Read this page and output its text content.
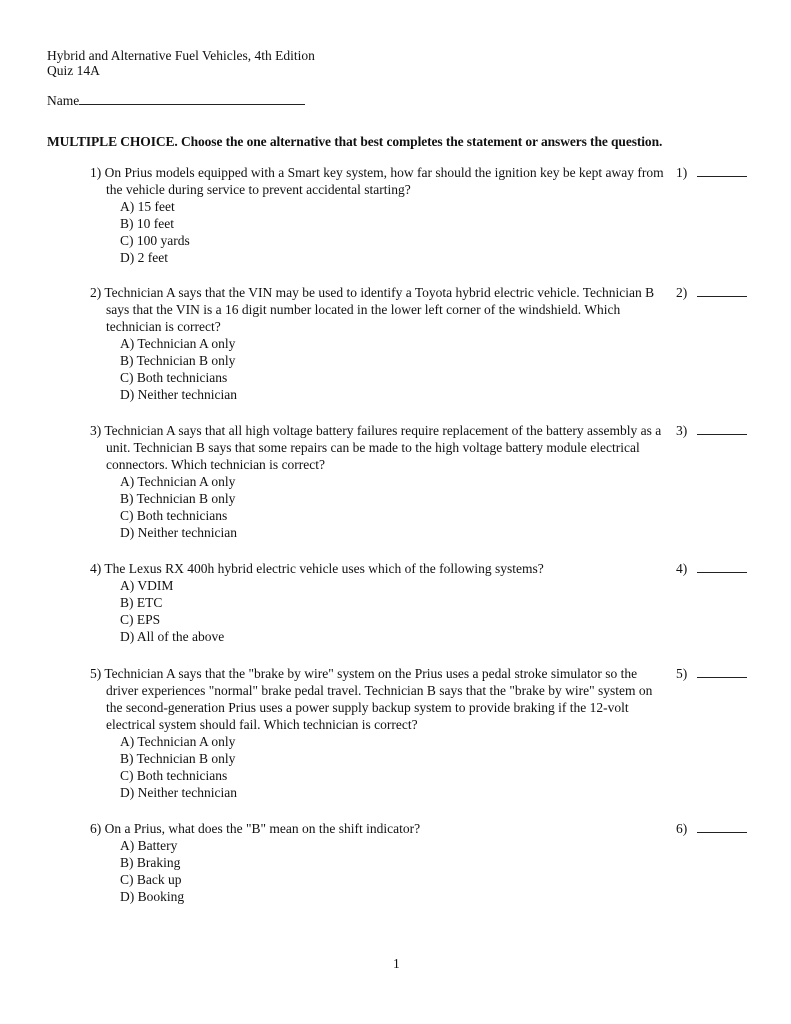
Hybrid and Alternative Fuel Vehicles, 4th Edition
Quiz 14A
Name
MULTIPLE CHOICE. Choose the one alternative that best completes the statement or answers the question.
1) On Prius models equipped with a Smart key system, how far should the ignition key be kept away from the vehicle during service to prevent accidental starting?
A) 15 feet
B) 10 feet
C) 100 yards
D) 2 feet
1)
2) Technician A says that the VIN may be used to identify a Toyota hybrid electric vehicle. Technician B says that the VIN is a 16 digit number located in the lower left corner of the windshield. Which technician is correct?
A) Technician A only
B) Technician B only
C) Both technicians
D) Neither technician
2)
3) Technician A says that all high voltage battery failures require replacement of the battery assembly as a unit. Technician B says that some repairs can be made to the high voltage battery module electrical connectors. Which technician is correct?
A) Technician A only
B) Technician B only
C) Both technicians
D) Neither technician
3)
4) The Lexus RX 400h hybrid electric vehicle uses which of the following systems?
A) VDIM
B) ETC
C) EPS
D) All of the above
4)
5) Technician A says that the "brake by wire" system on the Prius uses a pedal stroke simulator so the driver experiences "normal" brake pedal travel. Technician B says that the "brake by wire" system on the second-generation Prius uses a power supply backup system to provide braking if the 12-volt electrical system should fail. Which technician is correct?
A) Technician A only
B) Technician B only
C) Both technicians
D) Neither technician
5)
6) On a Prius, what does the "B" mean on the shift indicator?
A) Battery
B) Braking
C) Back up
D) Booking
6)
1
